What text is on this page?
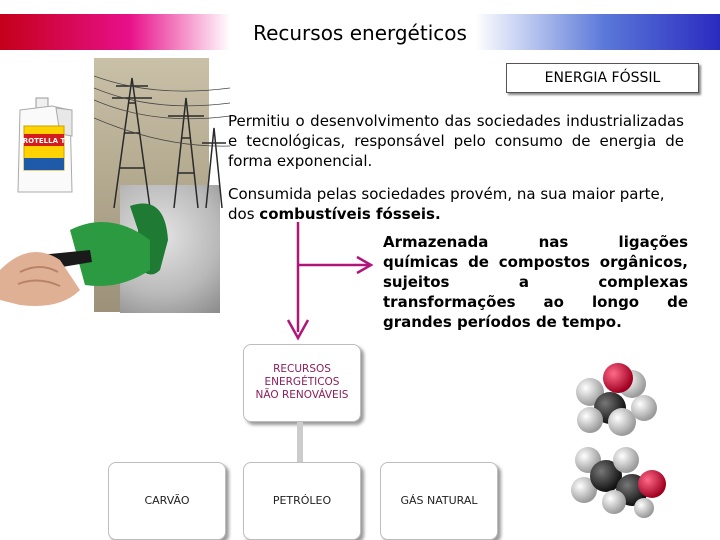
Recursos energéticos
ROTELLA T
ENERGIA FÓSSIL
Permitiu o desenvolvimento das sociedades industrializadas e tecnológicas, responsável pelo consumo de energia de forma exponencial.
Consumida pelas sociedades provém, na sua maior parte, dos combustíveis fósseis.
Armazenada nas ligações
químicas de compostos orgânicos,
sujeitos a complexas
transformações ao longo de
grandes períodos de tempo.
RECURSOS
ENERGÉTICOS
NÃO RENOVÁVEIS
CARVÃO	PETRÓLEO	GÁS NATURAL
